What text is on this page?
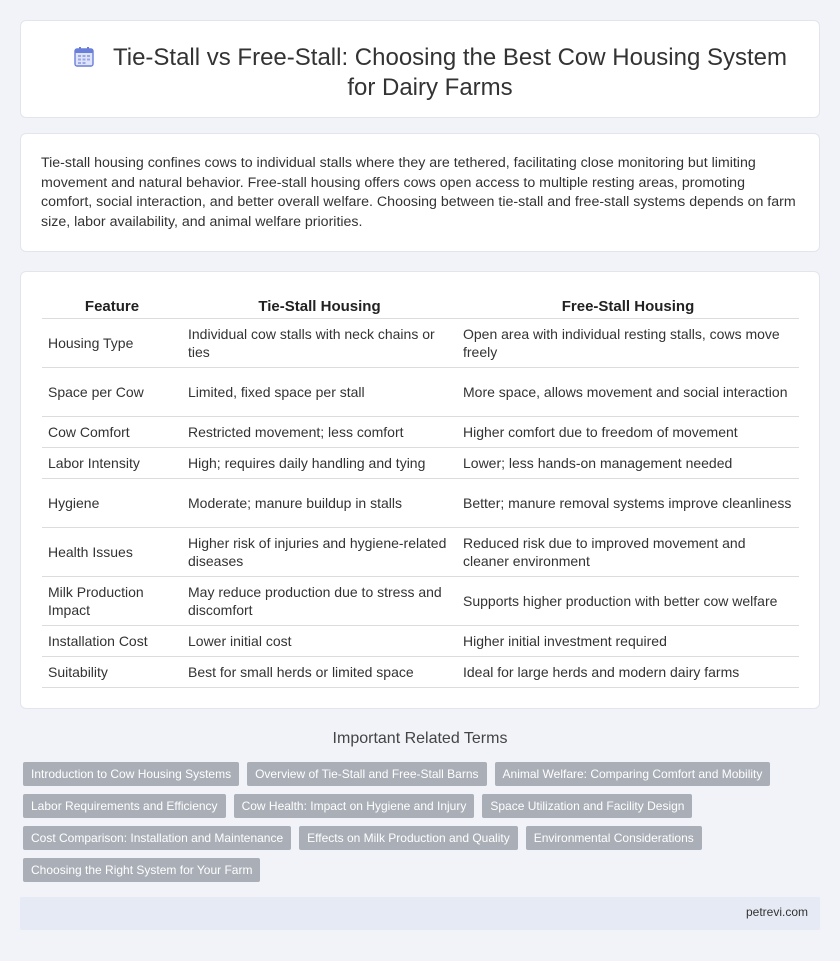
Tie-Stall vs Free-Stall: Choosing the Best Cow Housing System for Dairy Farms

Tie-stall housing confines cows to individual stalls where they are tethered, facilitating close monitoring but limiting movement and natural behavior. Free-stall housing offers cows open access to multiple resting areas, promoting comfort, social interaction, and better overall welfare. Choosing between tie-stall and free-stall systems depends on farm size, labor availability, and animal welfare priorities.

Feature	Tie-Stall Housing	Free-Stall Housing
Housing Type	Individual cow stalls with neck chains or ties	Open area with individual resting stalls, cows move freely
Space per Cow	Limited, fixed space per stall	More space, allows movement and social interaction
Cow Comfort	Restricted movement; less comfort	Higher comfort due to freedom of movement
Labor Intensity	High; requires daily handling and tying	Lower; less hands-on management needed
Hygiene	Moderate; manure buildup in stalls	Better; manure removal systems improve cleanliness
Health Issues	Higher risk of injuries and hygiene-related diseases	Reduced risk due to improved movement and cleaner environment
Milk Production Impact	May reduce production due to stress and discomfort	Supports higher production with better cow welfare
Installation Cost	Lower initial cost	Higher initial investment required
Suitability	Best for small herds or limited space	Ideal for large herds and modern dairy farms
Important Related Terms
Introduction to Cow Housing Systems	Overview of Tie-Stall and Free-Stall Barns	Animal Welfare: Comparing Comfort and Mobility
Labor Requirements and Efficiency	Cow Health: Impact on Hygiene and Injury	Space Utilization and Facility Design
Cost Comparison: Installation and Maintenance	Effects on Milk Production and Quality	Environmental Considerations
Choosing the Right System for Your Farm
petrevi.com
